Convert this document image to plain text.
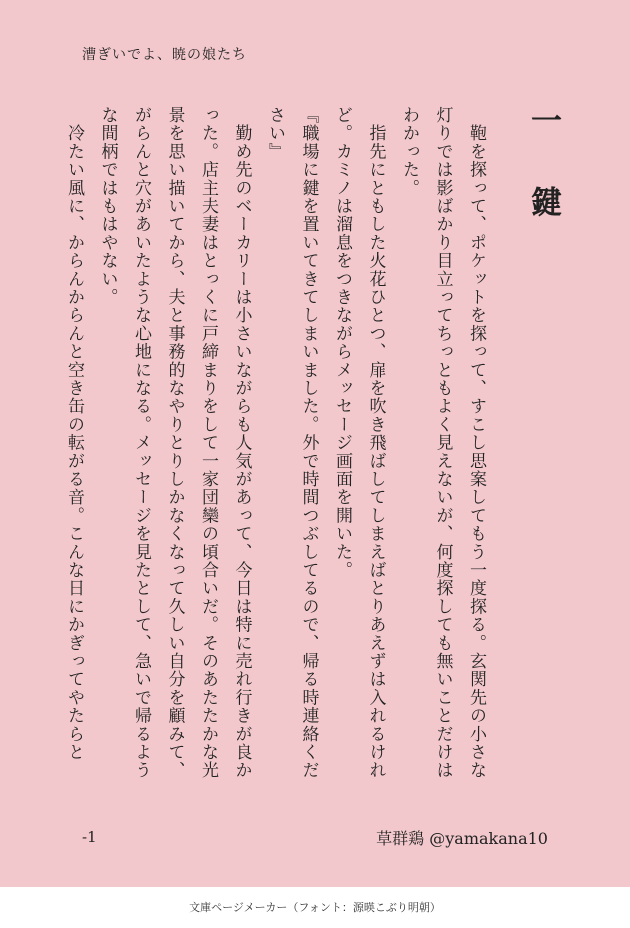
漕ぎいでよ、暁の娘たち
一　鍵

　鞄を探って、ポケットを探って、すこし思案してもう一度探る。玄関先の小さな灯りでは影ばかり目立ってちっともよく見えないが、何度探しても無いことだけはわかった。

　指先にともした火花ひとつ、扉を吹き飛ばしてしまえばとりあえずは入れるけれど。カミノは溜息をつきながらメッセージ画面を開いた。

『職場に鍵を置いてきてしまいました。外で時間つぶしてるので、帰る時連絡ください』

　勤め先のベーカリーは小さいながらも人気があって、今日は特に売れ行きが良かった。店主夫妻はとっくに戸締まりをして一家団欒の頃合いだ。そのあたたかな光景を思い描いてから、夫と事務的なやりとりしかなくなって久しい自分を顧みて、がらんと穴があいたような心地になる。メッセージを見たとして、急いで帰るような間柄ではもはやない。

　冷たい風に、からんからんと空き缶の転がる音。こんな日にかぎってやたらと

-1	草群鶏 @yamakana10
文庫ページメーカー（フォント：源暎こぶり明朝）
